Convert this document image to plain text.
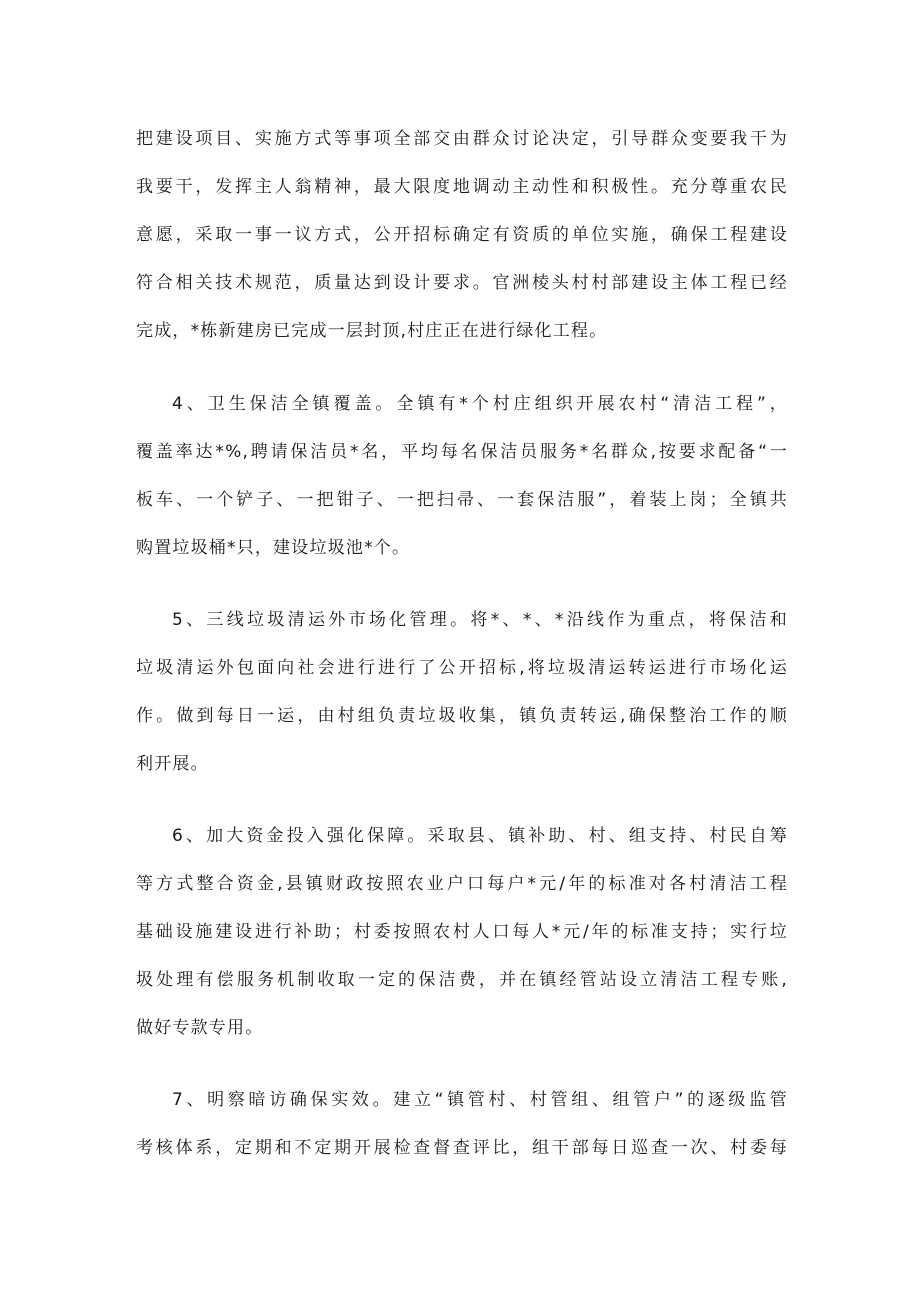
把建设项目、实施方式等事项全部交由群众讨论决定，引导群众变要我干为
我要干，发挥主人翁精神，最大限度地调动主动性和积极性。充分尊重农民
意愿，采取一事一议方式，公开招标确定有资质的单位实施，确保工程建设
符合相关技术规范，质量达到设计要求。官洲棱头村村部建设主体工程已经
完成，*栋新建房已完成一层封顶,村庄正在进行绿化工程。
4、卫生保洁全镇覆盖。全镇有*个村庄组织开展农村“清洁工程”，
覆盖率达*%,聘请保洁员*名，平均每名保洁员服务*名群众,按要求配备“一
板车、一个铲子、一把钳子、一把扫帚、一套保洁服”，着装上岗；全镇共
购置垃圾桶*只，建设垃圾池*个。
5、三线垃圾清运外市场化管理。将*、*、*沿线作为重点，将保洁和
垃圾清运外包面向社会进行进行了公开招标,将垃圾清运转运进行市场化运
作。做到每日一运，由村组负责垃圾收集，镇负责转运,确保整治工作的顺
利开展。
6、加大资金投入强化保障。采取县、镇补助、村、组支持、村民自筹
等方式整合资金,县镇财政按照农业户口每户*元/年的标准对各村清洁工程
基础设施建设进行补助；村委按照农村人口每人*元/年的标准支持；实行垃
圾处理有偿服务机制收取一定的保洁费，并在镇经管站设立清洁工程专账,
做好专款专用。
7、明察暗访确保实效。建立“镇管村、村管组、组管户”的逐级监管
考核体系，定期和不定期开展检查督查评比，组干部每日巡查一次、村委每
